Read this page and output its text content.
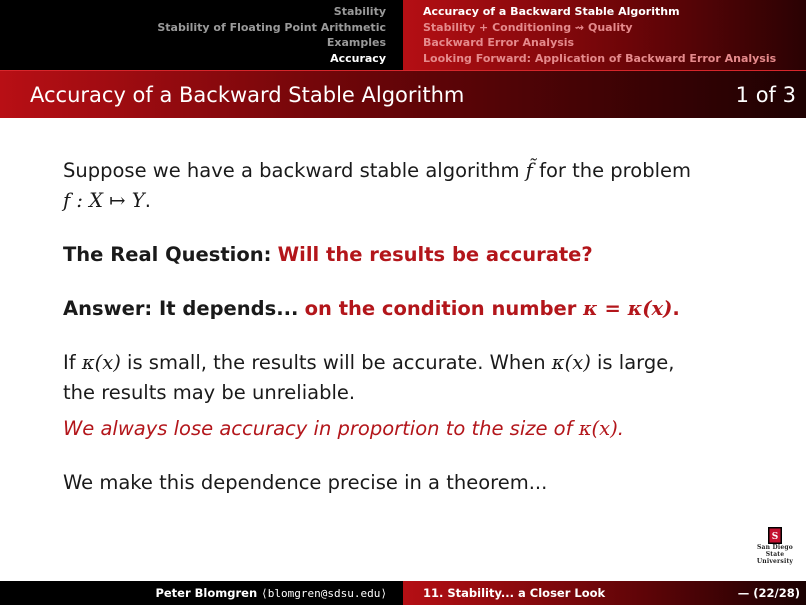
Stability
Stability of Floating Point Arithmetic
Examples
Accuracy
Accuracy of a Backward Stable Algorithm
Stability + Conditioning ⇝ Quality
Backward Error Analysis
Looking Forward: Application of Backward Error Analysis
Accuracy of a Backward Stable Algorithm	1 of 3
Suppose we have a backward stable algorithm f̃ for the problem
f : X ↦ Y.
The Real Question: Will the results be accurate?
Answer: It depends... on the condition number κ = κ(x).
If κ(x) is small, the results will be accurate. When κ(x) is large,
the results may be unreliable.
We always lose accuracy in proportion to the size of κ(x).
We make this dependence precise in a theorem...
S
San Diego State
University
Peter Blomgren
⟨blomgren@sdsu.edu⟩	11. Stability... a Closer Look	— (22/28)
